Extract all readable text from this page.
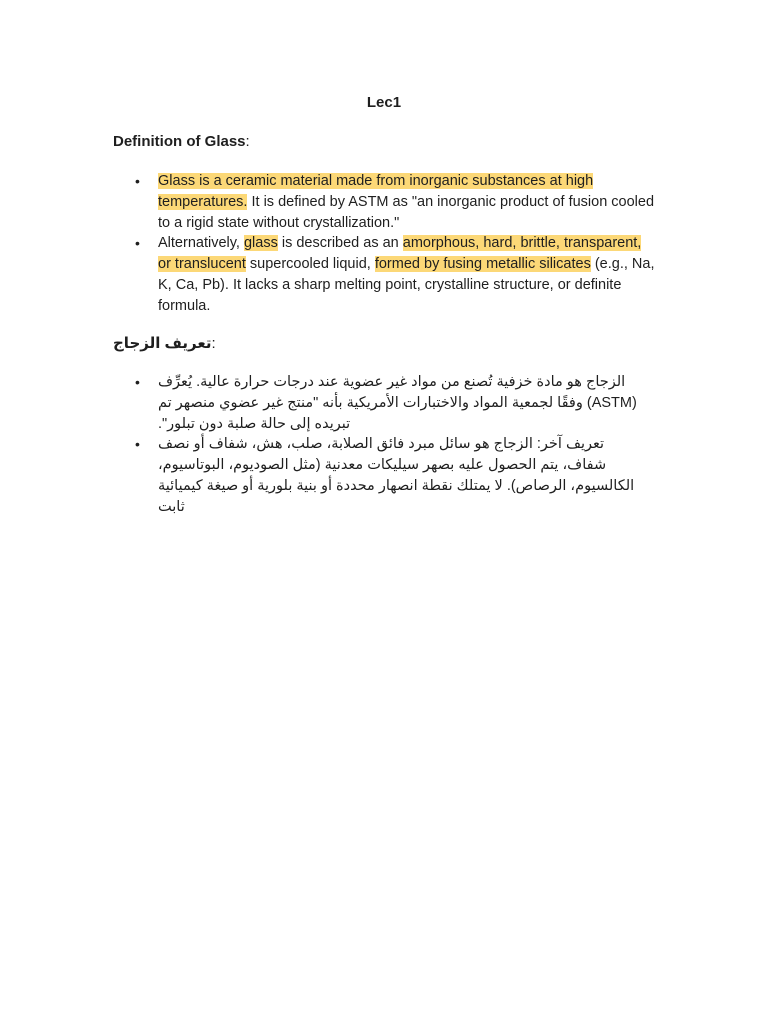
Lec1
Definition of Glass:
• Glass is a ceramic material made from inorganic substances at high temperatures. It is defined by ASTM as "an inorganic product of fusion cooled to a rigid state without crystallization."
• Alternatively, glass is described as an amorphous, hard, brittle, transparent, or translucent supercooled liquid, formed by fusing metallic silicates (e.g., Na, K, Ca, Pb). It lacks a sharp melting point, crystalline structure, or definite formula.
تعريف الزجاج:
• الزجاج هو مادة خزفية تُصنع من مواد غير عضوية عند درجات حرارة عالية. يُعرِّف (ASTM) وفقًا لجمعية المواد والاختبارات الأمريكية بأنه "منتج غير عضوي منصهر تم تبريده إلى حالة صلبة دون تبلور".
• تعريف آخر: الزجاج هو سائل مبرد فائق الصلابة، صلب، هش، شفاف أو نصف شفاف، يتم الحصول عليه بصهر سيليكات معدنية (مثل الصوديوم، البوتاسيوم، الكالسيوم، الرصاص). لا يمتلك نقطة انصهار محددة أو بنية بلورية أو صيغة كيميائية ثابت
